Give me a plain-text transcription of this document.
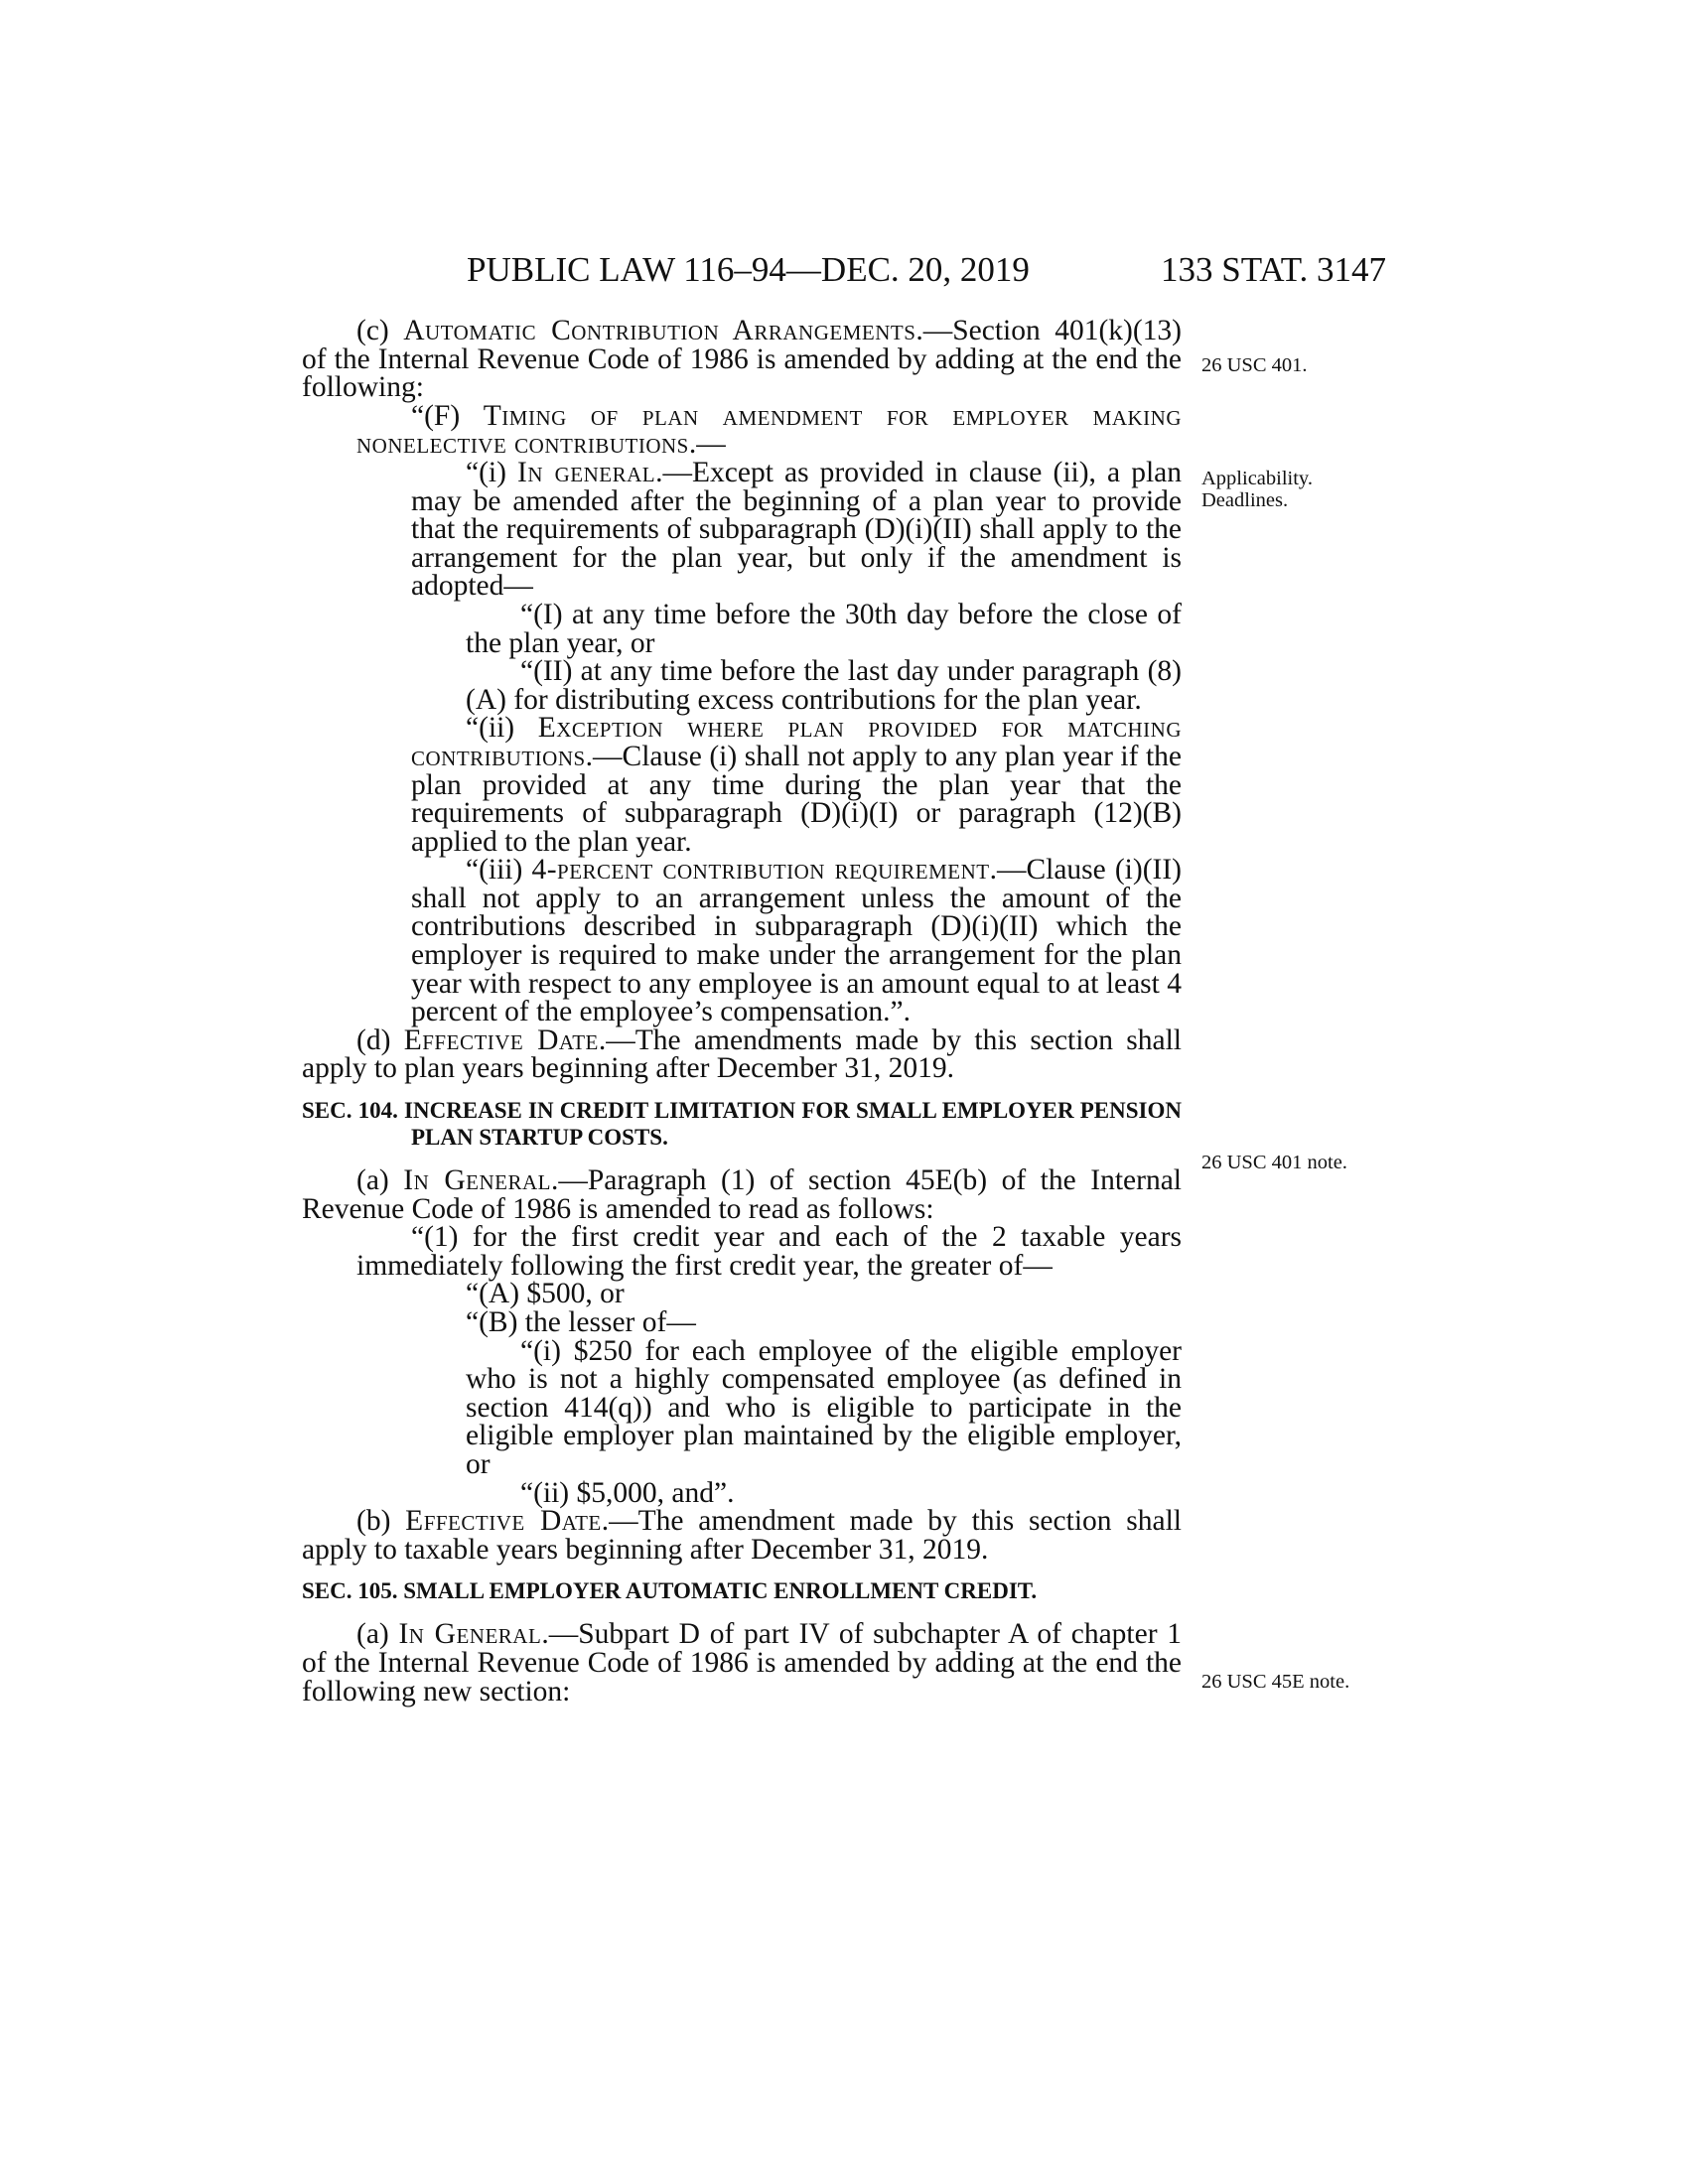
PUBLIC LAW 116–94—DEC. 20, 2019	133 STAT. 3147
26 USC 401.
Applicability.
Deadlines.
26 USC 401 note.
26 USC 45E note.

(c) Automatic Contribution Arrangements.—Section 401(k)(13) of the Internal Revenue Code of 1986 is amended by adding at the end the following:

“(F) Timing of plan amendment for employer making nonelective contributions.—

“(i) In general.—Except as provided in clause (ii), a plan may be amended after the beginning of a plan year to provide that the requirements of subparagraph (D)(i)(II) shall apply to the arrangement for the plan year, but only if the amendment is adopted—

“(I) at any time before the 30th day before the close of the plan year, or

“(II) at any time before the last day under paragraph (8)(A) for distributing excess contributions for the plan year.

“(ii) Exception where plan provided for matching contributions.—Clause (i) shall not apply to any plan year if the plan provided at any time during the plan year that the requirements of subparagraph (D)(i)(I) or paragraph (12)(B) applied to the plan year.

“(iii) 4-percent contribution requirement.—Clause (i)(II) shall not apply to an arrangement unless the amount of the contributions described in subparagraph (D)(i)(II) which the employer is required to make under the arrangement for the plan year with respect to any employee is an amount equal to at least 4 percent of the employee’s compensation.”.

(d) Effective Date.—The amendments made by this section shall apply to plan years beginning after December 31, 2019.

SEC. 104. INCREASE IN CREDIT LIMITATION FOR SMALL EMPLOYER PENSION PLAN STARTUP COSTS.

(a) In General.—Paragraph (1) of section 45E(b) of the Internal Revenue Code of 1986 is amended to read as follows:

“(1) for the first credit year and each of the 2 taxable years immediately following the first credit year, the greater of—

“(A) $500, or

“(B) the lesser of—

“(i) $250 for each employee of the eligible employer who is not a highly compensated employee (as defined in section 414(q)) and who is eligible to participate in the eligible employer plan maintained by the eligible employer, or

“(ii) $5,000, and”.

(b) Effective Date.—The amendment made by this section shall apply to taxable years beginning after December 31, 2019.

SEC. 105. SMALL EMPLOYER AUTOMATIC ENROLLMENT CREDIT.

(a) In General.—Subpart D of part IV of subchapter A of chapter 1 of the Internal Revenue Code of 1986 is amended by adding at the end the following new section:
